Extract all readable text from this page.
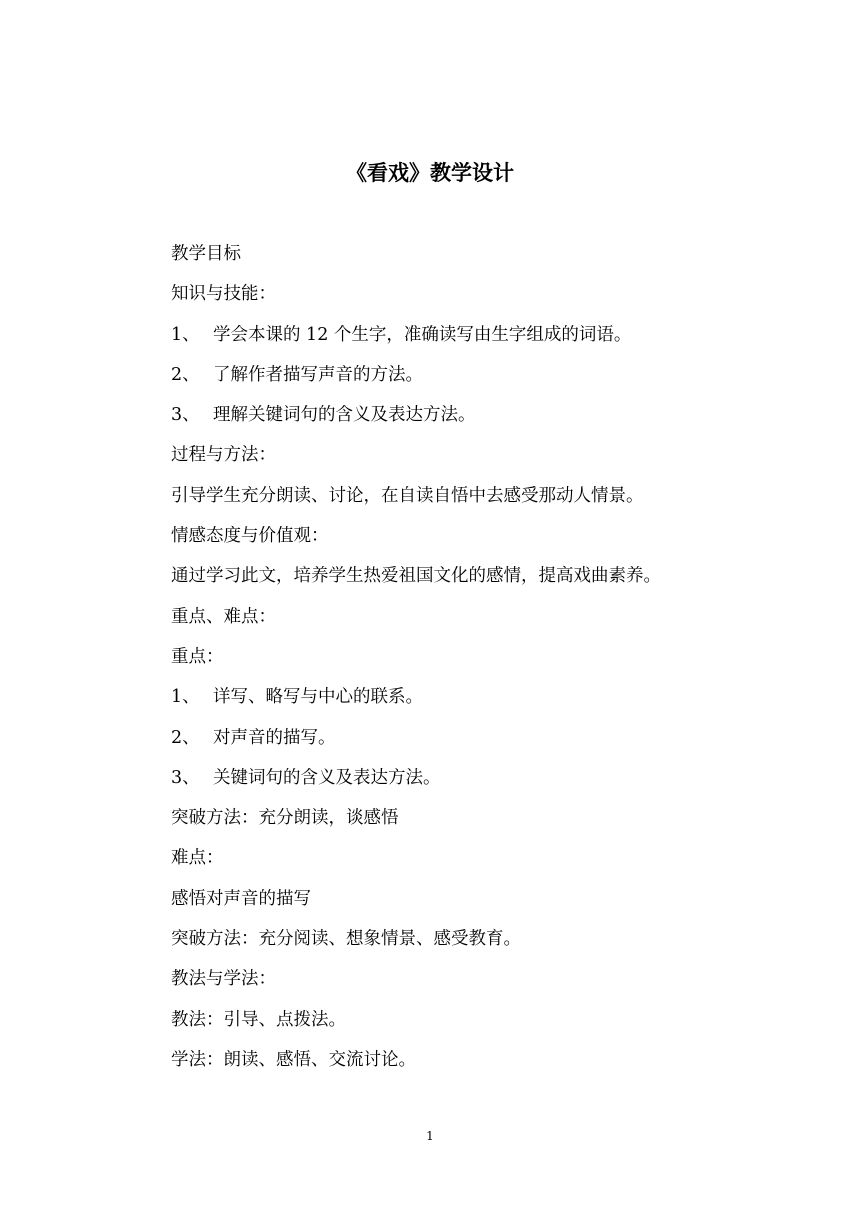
《看戏》教学设计
教学目标
知识与技能：
1、 学会本课的 12 个生字，准确读写由生字组成的词语。
2、 了解作者描写声音的方法。
3、 理解关键词句的含义及表达方法。
过程与方法：
引导学生充分朗读、讨论，在自读自悟中去感受那动人情景。
情感态度与价值观：
通过学习此文，培养学生热爱祖国文化的感情，提高戏曲素养。
重点、难点：
重点：
1、 详写、略写与中心的联系。
2、 对声音的描写。
3、 关键词句的含义及表达方法。
突破方法：充分朗读，谈感悟
难点：
感悟对声音的描写
突破方法：充分阅读、想象情景、感受教育。
教法与学法：
教法：引导、点拨法。
学法：朗读、感悟、交流讨论。
1
